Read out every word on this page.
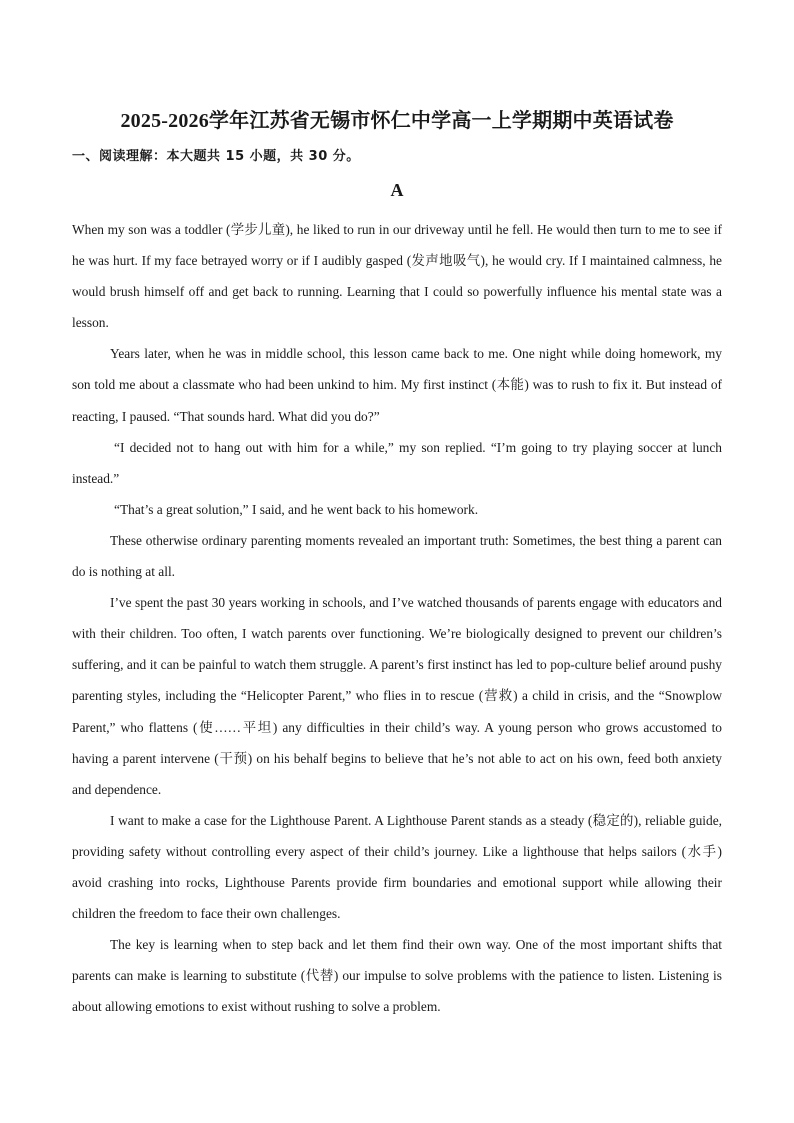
2025-2026学年江苏省无锡市怀仁中学高一上学期期中英语试卷
一、阅读理解：本大题共 15 小题，共 30 分。
A

When my son was a toddler (学步儿童), he liked to run in our driveway until he fell. He would then turn to me to see if he was hurt. If my face betrayed worry or if I audibly gasped (发声地吸气), he would cry. If I maintained calmness, he would brush himself off and get back to running. Learning that I could so powerfully influence his mental state was a lesson.

Years later, when he was in middle school, this lesson came back to me. One night while doing homework, my son told me about a classmate who had been unkind to him. My first instinct (本能) was to rush to fix it. But instead of reacting, I paused. “That sounds hard. What did you do?”

“I decided not to hang out with him for a while,” my son replied. “I’m going to try playing soccer at lunch instead.”

“That’s a great solution,” I said, and he went back to his homework.

These otherwise ordinary parenting moments revealed an important truth: Sometimes, the best thing a parent can do is nothing at all.

I’ve spent the past 30 years working in schools, and I’ve watched thousands of parents engage with educators and with their children. Too often, I watch parents over functioning. We’re biologically designed to prevent our children’s suffering, and it can be painful to watch them struggle. A parent’s first instinct has led to pop-culture belief around pushy parenting styles, including the “Helicopter Parent,” who flies in to rescue (营救) a child in crisis, and the “Snowplow Parent,” who flattens (使……平坦) any difficulties in their child’s way. A young person who grows accustomed to having a parent intervene (干预) on his behalf begins to believe that he’s not able to act on his own, feed both anxiety and dependence.

I want to make a case for the Lighthouse Parent. A Lighthouse Parent stands as a steady (稳定的), reliable guide, providing safety without controlling every aspect of their child’s journey. Like a lighthouse that helps sailors (水手) avoid crashing into rocks, Lighthouse Parents provide firm boundaries and emotional support while allowing their children the freedom to face their own challenges.

The key is learning when to step back and let them find their own way. One of the most important shifts that parents can make is learning to substitute (代替) our impulse to solve problems with the patience to listen. Listening is about allowing emotions to exist without rushing to solve a problem.
